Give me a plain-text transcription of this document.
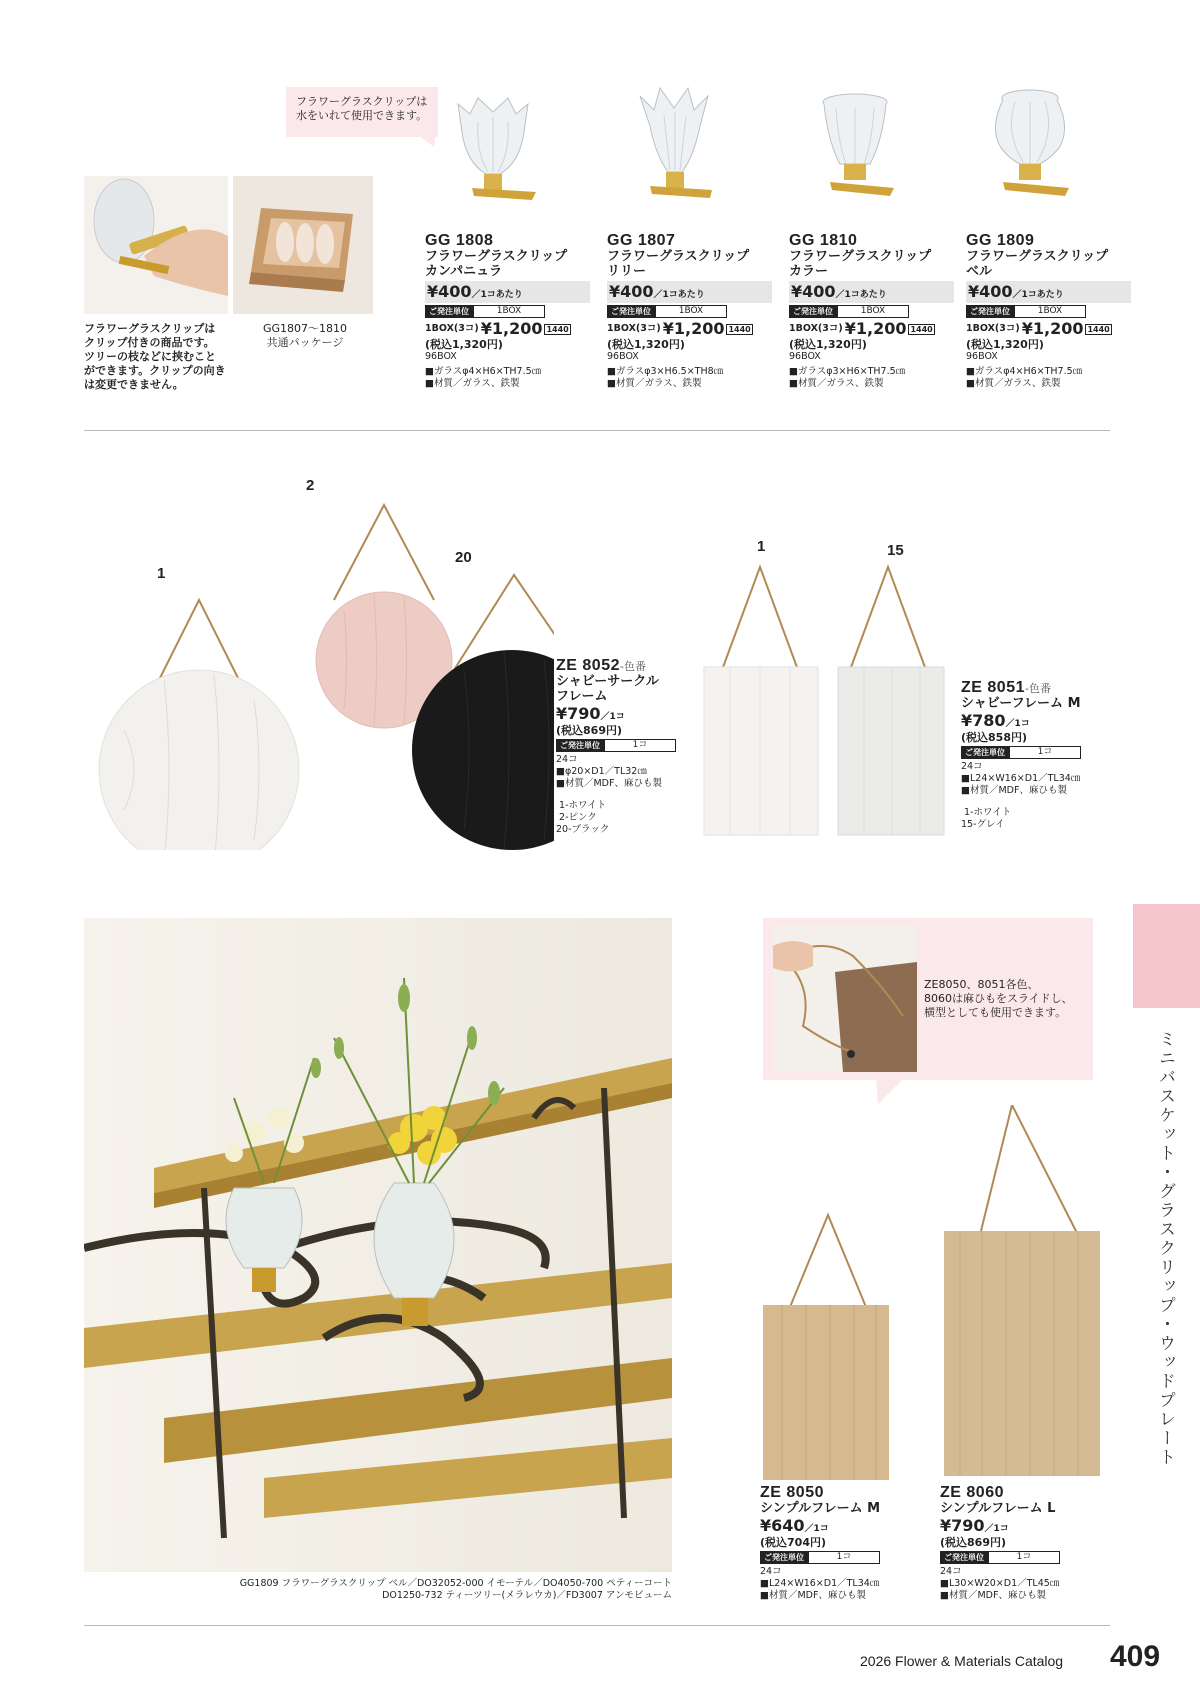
フラワーグラスクリップは
水をいれて使用できます。
フラワーグラスクリップは
クリップ付きの商品です。
ツリーの枝などに挟むこと
ができます。クリップの向き
は変更できません。
GG1807～1810
共通パッケージ
GG 1808
フラワーグラスクリップ
カンパニュラ
¥400／1コあたり
ご発注単位	1BOX
1BOX(3コ) ¥1,200 1440
(税込1,320円)
96BOX
■ガラスφ4×H6×TH7.5㎝
■材質／ガラス、鉄製
GG 1807
フラワーグラスクリップ
リリー
¥400／1コあたり
ご発注単位	1BOX
1BOX(3コ) ¥1,200 1440
(税込1,320円)
96BOX
■ガラスφ3×H6.5×TH8㎝
■材質／ガラス、鉄製
GG 1810
フラワーグラスクリップ
カラー
¥400／1コあたり
ご発注単位	1BOX
1BOX(3コ) ¥1,200 1440
(税込1,320円)
96BOX
■ガラスφ3×H6×TH7.5㎝
■材質／ガラス、鉄製
GG 1809
フラワーグラスクリップ
ベル
¥400／1コあたり
ご発注単位	1BOX
1BOX(3コ) ¥1,200 1440
(税込1,320円)
96BOX
■ガラスφ4×H6×TH7.5㎝
■材質／ガラス、鉄製
1
2
20
ZE 8052-色番
シャビーサークル
フレーム
¥790／1コ
(税込869円)
ご発注単位	1コ
24コ
■φ20×D1／TL32㎝
■材質／MDF、麻ひも製
1-ホワイト
2-ピンク
20-ブラック
1	15
ZE 8051-色番
シャビーフレーム M
¥780／1コ
(税込858円)
ご発注単位	1コ
24コ
■L24×W16×D1／TL34㎝
■材質／MDF、麻ひも製
1-ホワイト
15-グレイ
GG1809 フラワーグラスクリップ ベル／DO32052-000 イモーテル／DO4050-700 ペティーコート
DO1250-732 ティーツリー(メラレウカ)／FD3007 アンモビューム
ZE8050、8051各色、
8060は麻ひもをスライドし、
横型としても使用できます。
ZE 8050
シンプルフレーム M
¥640／1コ
(税込704円)
ご発注単位	1コ
24コ
■L24×W16×D1／TL34㎝
■材質／MDF、麻ひも製
ZE 8060
シンプルフレーム L
¥790／1コ
(税込869円)
ご発注単位	1コ
24コ
■L30×W20×D1／TL45㎝
■材質／MDF、麻ひも製
ミニバスケット・グラスクリップ・ウッドプレート
2026 Flower & Materials Catalog 409
